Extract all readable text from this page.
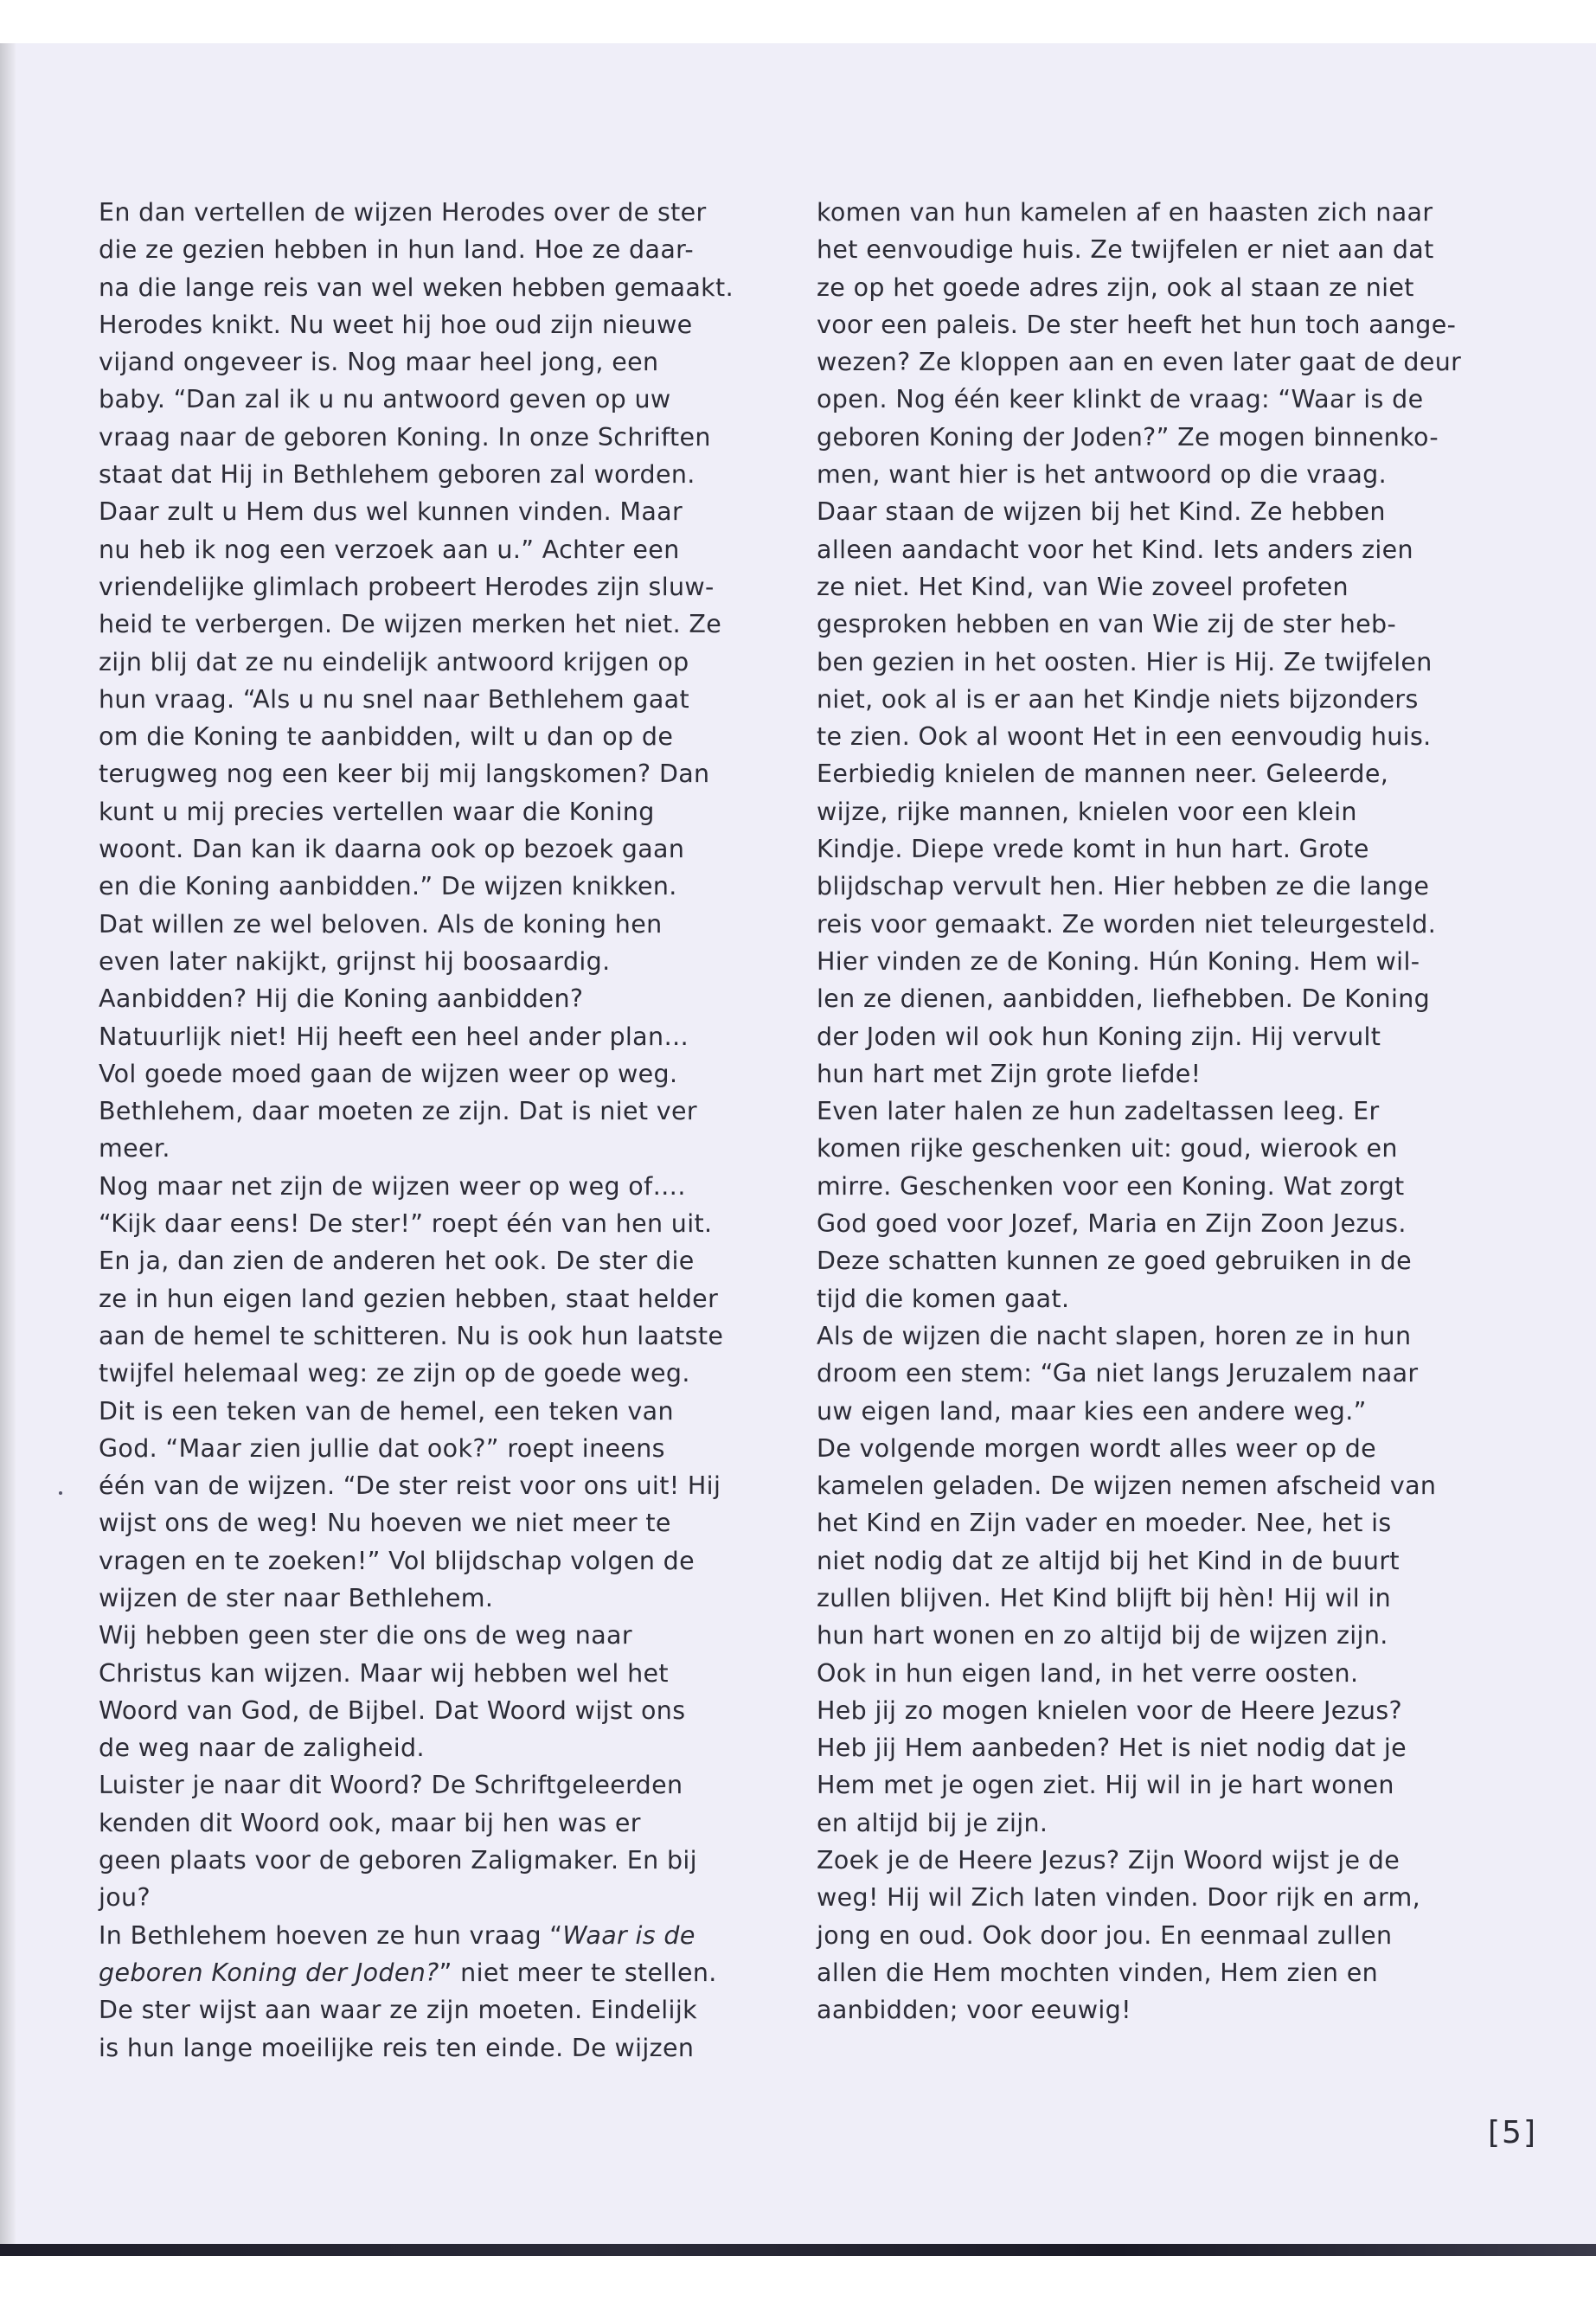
En dan vertellen de wijzen Herodes over de ster
die ze gezien hebben in hun land. Hoe ze daar-
na die lange reis van wel weken hebben gemaakt.
Herodes knikt. Nu weet hij hoe oud zijn nieuwe
vijand ongeveer is. Nog maar heel jong, een
baby. “Dan zal ik u nu antwoord geven op uw
vraag naar de geboren Koning. In onze Schriften
staat dat Hij in Bethlehem geboren zal worden.
Daar zult u Hem dus wel kunnen vinden. Maar
nu heb ik nog een verzoek aan u.” Achter een
vriendelijke glimlach probeert Herodes zijn sluw-
heid te verbergen. De wijzen merken het niet. Ze
zijn blij dat ze nu eindelijk antwoord krijgen op
hun vraag. “Als u nu snel naar Bethlehem gaat
om die Koning te aanbidden, wilt u dan op de
terugweg nog een keer bij mij langskomen? Dan
kunt u mij precies vertellen waar die Koning
woont. Dan kan ik daarna ook op bezoek gaan
en die Koning aanbidden.” De wijzen knikken.
Dat willen ze wel beloven. Als de koning hen
even later nakijkt, grijnst hij boosaardig.
Aanbidden? Hij die Koning aanbidden?
Natuurlijk niet! Hij heeft een heel ander plan…
Vol goede moed gaan de wijzen weer op weg.
Bethlehem, daar moeten ze zijn. Dat is niet ver
meer.
Nog maar net zijn de wijzen weer op weg of….
“Kijk daar eens! De ster!” roept één van hen uit.
En ja, dan zien de anderen het ook. De ster die
ze in hun eigen land gezien hebben, staat helder
aan de hemel te schitteren. Nu is ook hun laatste
twijfel helemaal weg: ze zijn op de goede weg.
Dit is een teken van de hemel, een teken van
God. “Maar zien jullie dat ook?” roept ineens
één van de wijzen. “De ster reist voor ons uit! Hij
wijst ons de weg! Nu hoeven we niet meer te
vragen en te zoeken!” Vol blijdschap volgen de
wijzen de ster naar Bethlehem.
Wij hebben geen ster die ons de weg naar
Christus kan wijzen. Maar wij hebben wel het
Woord van God, de Bijbel. Dat Woord wijst ons
de weg naar de zaligheid.
Luister je naar dit Woord? De Schriftgeleerden
kenden dit Woord ook, maar bij hen was er
geen plaats voor de geboren Zaligmaker. En bij
jou?
In Bethlehem hoeven ze hun vraag “Waar is de
geboren Koning der Joden?” niet meer te stellen.
De ster wijst aan waar ze zijn moeten. Eindelijk
is hun lange moeilijke reis ten einde. De wijzen
komen van hun kamelen af en haasten zich naar
het eenvoudige huis. Ze twijfelen er niet aan dat
ze op het goede adres zijn, ook al staan ze niet
voor een paleis. De ster heeft het hun toch aange-
wezen? Ze kloppen aan en even later gaat de deur
open. Nog één keer klinkt de vraag: “Waar is de
geboren Koning der Joden?” Ze mogen binnenko-
men, want hier is het antwoord op die vraag.
Daar staan de wijzen bij het Kind. Ze hebben
alleen aandacht voor het Kind. Iets anders zien
ze niet. Het Kind, van Wie zoveel profeten
gesproken hebben en van Wie zij de ster heb-
ben gezien in het oosten. Hier is Hij. Ze twijfelen
niet, ook al is er aan het Kindje niets bijzonders
te zien. Ook al woont Het in een eenvoudig huis.
Eerbiedig knielen de mannen neer. Geleerde,
wijze, rijke mannen, knielen voor een klein
Kindje. Diepe vrede komt in hun hart. Grote
blijdschap vervult hen. Hier hebben ze die lange
reis voor gemaakt. Ze worden niet teleurgesteld.
Hier vinden ze de Koning. Hún Koning. Hem wil-
len ze dienen, aanbidden, liefhebben. De Koning
der Joden wil ook hun Koning zijn. Hij vervult
hun hart met Zijn grote liefde!
Even later halen ze hun zadeltassen leeg. Er
komen rijke geschenken uit: goud, wierook en
mirre. Geschenken voor een Koning. Wat zorgt
God goed voor Jozef, Maria en Zijn Zoon Jezus.
Deze schatten kunnen ze goed gebruiken in de
tijd die komen gaat.
Als de wijzen die nacht slapen, horen ze in hun
droom een stem: “Ga niet langs Jeruzalem naar
uw eigen land, maar kies een andere weg.”
De volgende morgen wordt alles weer op de
kamelen geladen. De wijzen nemen afscheid van
het Kind en Zijn vader en moeder. Nee, het is
niet nodig dat ze altijd bij het Kind in de buurt
zullen blijven. Het Kind blijft bij hèn! Hij wil in
hun hart wonen en zo altijd bij de wijzen zijn.
Ook in hun eigen land, in het verre oosten.
Heb jij zo mogen knielen voor de Heere Jezus?
Heb jij Hem aanbeden? Het is niet nodig dat je
Hem met je ogen ziet. Hij wil in je hart wonen
en altijd bij je zijn.
Zoek je de Heere Jezus? Zijn Woord wijst je de
weg! Hij wil Zich laten vinden. Door rijk en arm,
jong en oud. Ook door jou. En eenmaal zullen
allen die Hem mochten vinden, Hem zien en
aanbidden; voor eeuwig!
[5]
